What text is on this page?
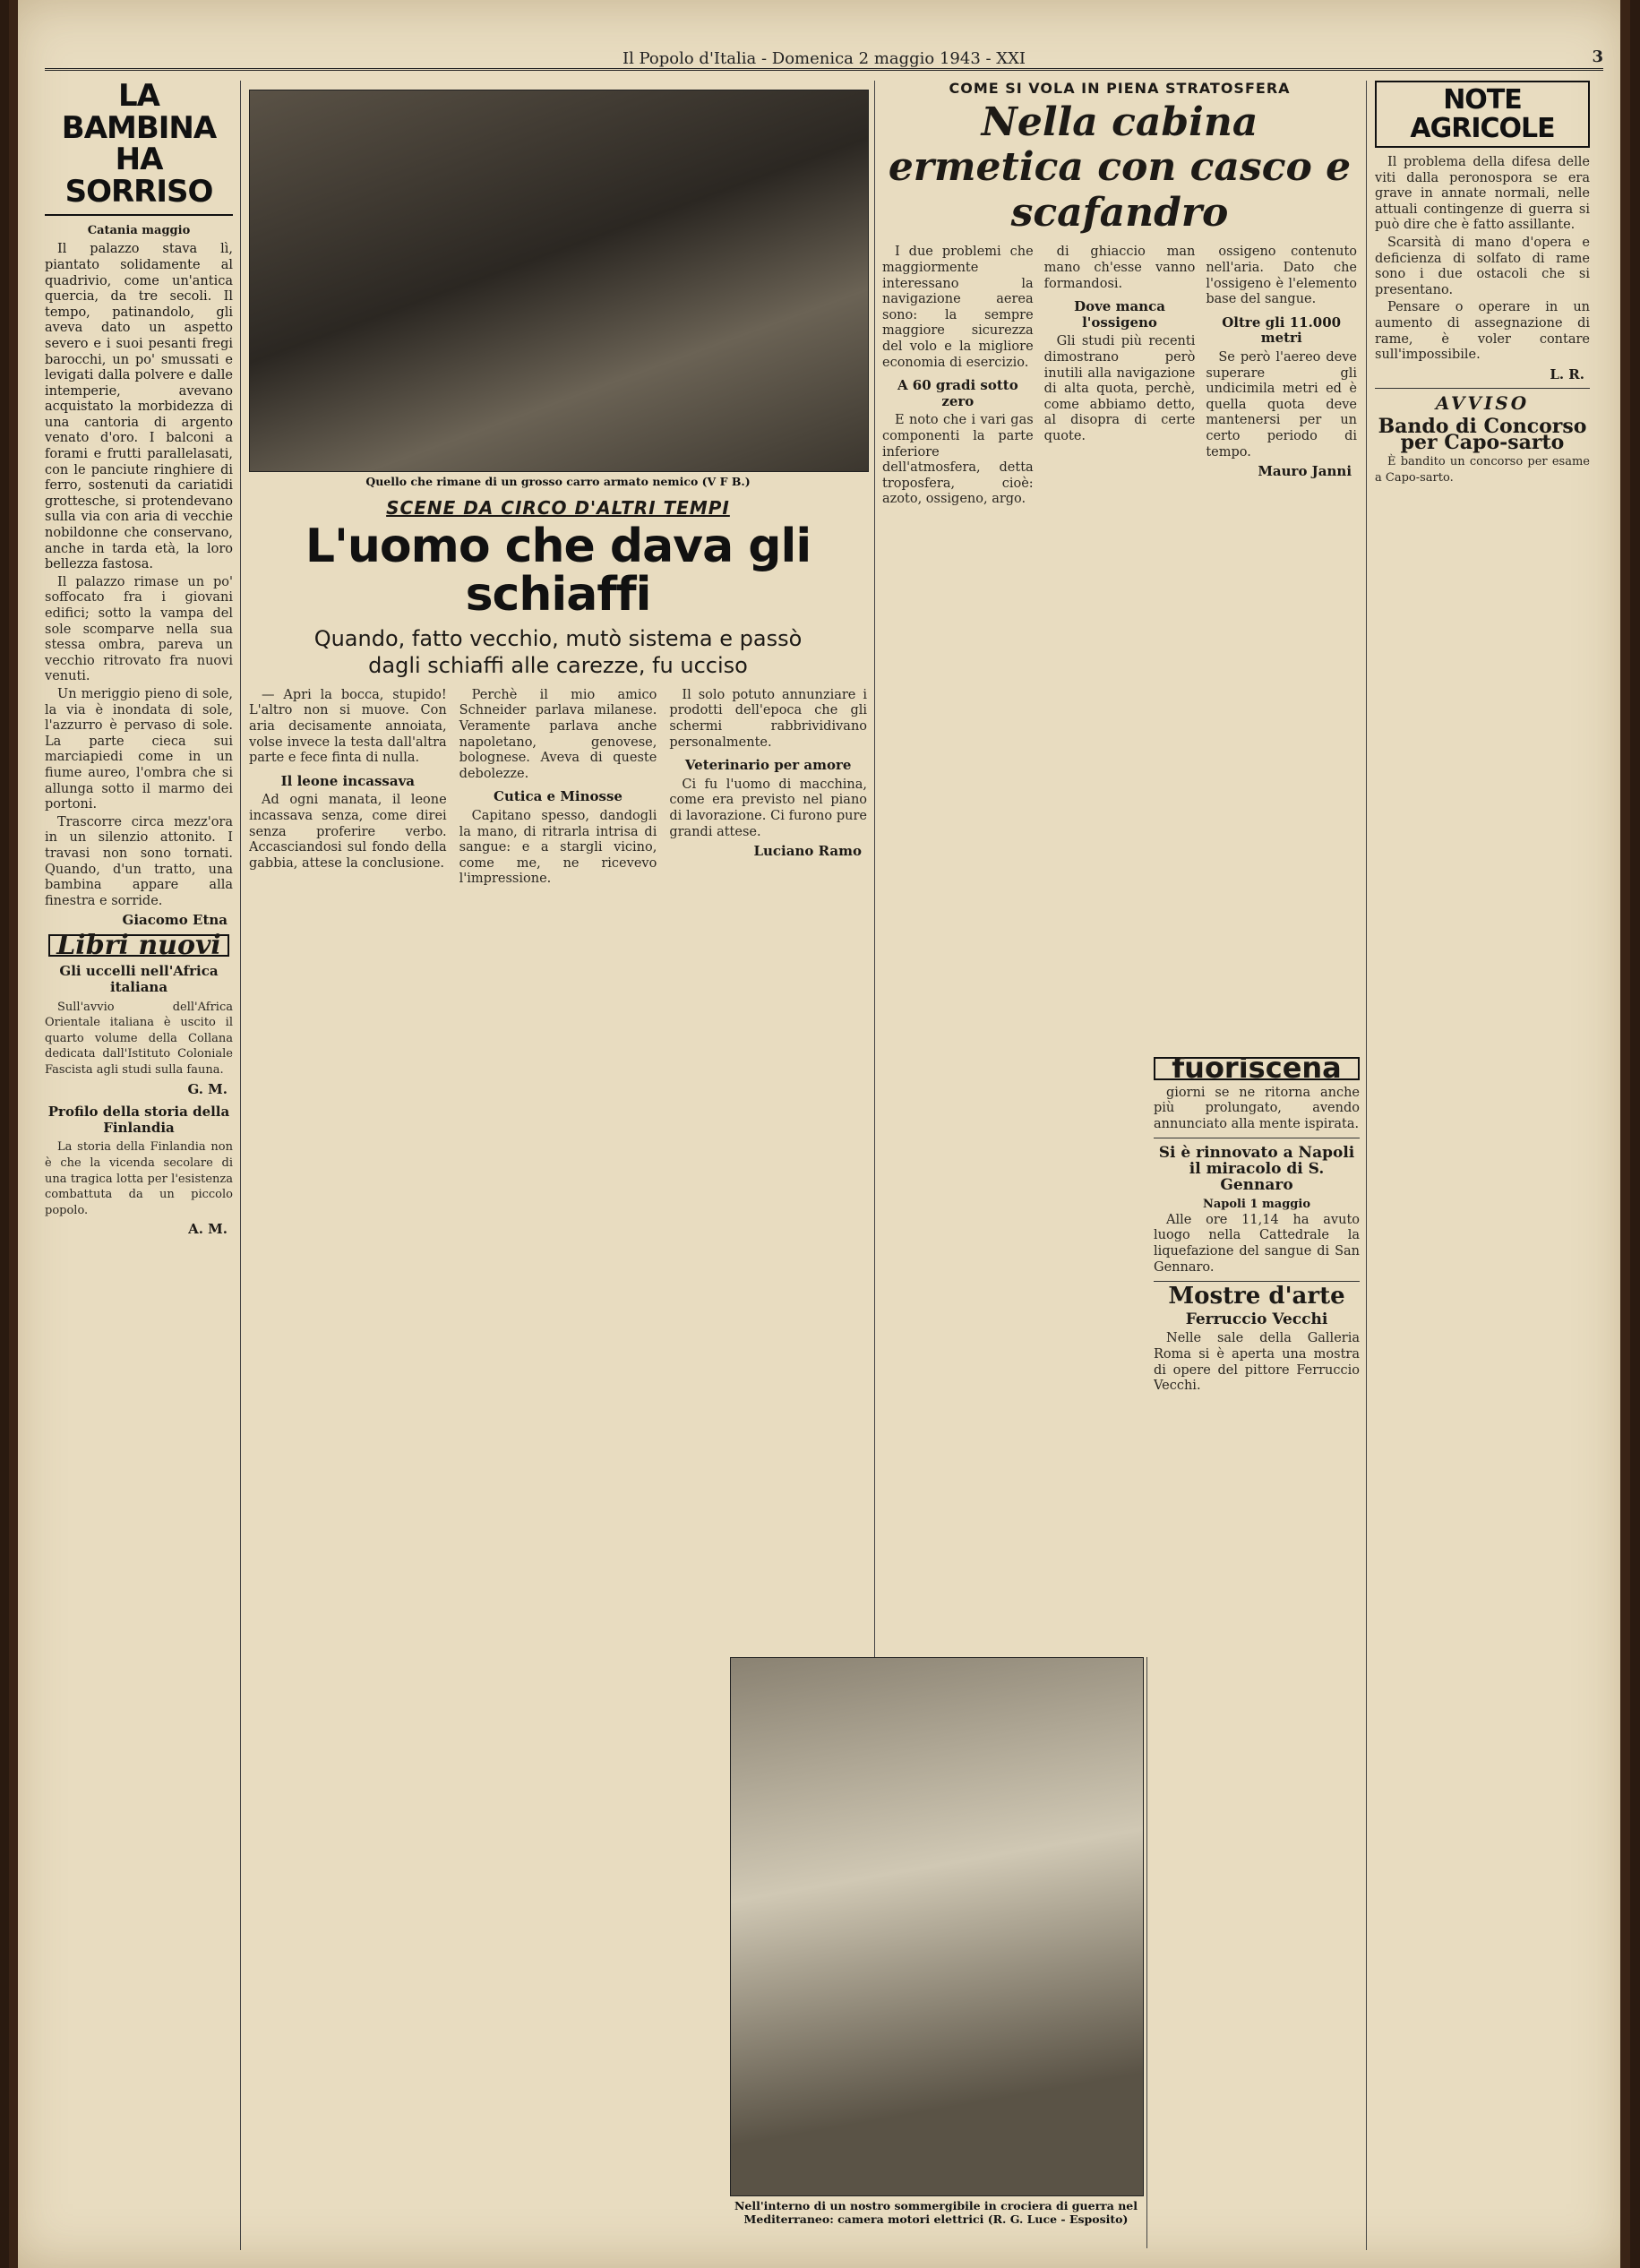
Il Popolo d'Italia - Domenica 2 maggio 1943 - XXI	3
LA BAMBINA HA SORRISO
Catania maggio

Il palazzo stava lì, piantato solidamente al quadrivio, come un'antica quercia, da tre secoli. Il tempo, patinandolo, gli aveva dato un aspetto severo e i suoi pesanti fregi barocchi, un po' smussati e levigati dalla polvere e dalle intemperie, avevano acquistato la morbidezza di una cantoria di argento venato d'oro. I balconi a forami e frutti parallelasati, con le panciute ringhiere di ferro, sostenuti da cariatidi grottesche, si protendevano sulla via con aria di vecchie nobildonne che conservano, anche in tarda età, la loro bellezza fastosa.

Il palazzo rimase un po' soffocato fra i giovani edifici; sotto la vampa del sole scomparve nella sua stessa ombra, pareva un vecchio ritrovato fra nuovi venuti.

Un meriggio pieno di sole, la via è inondata di sole, l'azzurro è pervaso di sole. La parte cieca sui marciapiedi come in un fiume aureo, l'ombra che si allunga sotto il marmo dei portoni.

Trascorre circa mezz'ora in un silenzio attonito. I travasi non sono tornati. Quando, d'un tratto, una bambina appare alla finestra e sorride.

Giacomo Etna
Libri nuovi
Gli uccelli nell'Africa italiana

Sull'avvio dell'Africa Orientale italiana è uscito il quarto volume della Collana dedicata dall'Istituto Coloniale Fascista agli studi sulla fauna.

G. M.
Profilo della storia della Finlandia

La storia della Finlandia non è che la vicenda secolare di una tragica lotta per l'esistenza combattuta da un piccolo popolo.

A. M.
Quello che rimane di un grosso carro armato nemico (V F B.)
SCENE DA CIRCO D'ALTRI TEMPI
L'uomo che dava gli schiaffi
Quando, fatto vecchio, mutò sistema e passò dagli schiaffi alle carezze, fu ucciso

— Apri la bocca, stupido! L'altro non si muove. Con aria decisamente annoiata, volse invece la testa dall'altra parte e fece finta di nulla.

Il leone incassava

Ad ogni manata, il leone incassava senza, come direi senza proferire verbo. Accasciandosi sul fondo della gabbia, attese la conclusione.

Perchè il mio amico Schneider parlava milanese. Veramente parlava anche napoletano, genovese, bolognese. Aveva di queste debolezze.

Cutica e Minosse

Capitano spesso, dandogli la mano, di ritrarla intrisa di sangue: e a stargli vicino, come me, ne ricevevo l'impressione.

Il solo potuto annunziare i prodotti dell'epoca che gli schermi rabbrividivano personalmente.

Veterinario per amore

Ci fu l'uomo di macchina, come era previsto nel piano di lavorazione. Ci furono pure grandi attese.

Luciano Ramo
Nell'interno di un nostro sommergibile in crociera di guerra nel Mediterraneo: camera motori elettrici (R. G. Luce - Esposito)
COME SI VOLA IN PIENA STRATOSFERA
Nella cabina ermetica con casco e scafandro

I due problemi che maggiormente interessano la navigazione aerea sono: la sempre maggiore sicurezza del volo e la migliore economia di esercizio.

A 60 gradi sotto zero

E noto che i vari gas componenti la parte inferiore dell'atmosfera, detta troposfera, cioè: azoto, ossigeno, argo.

di ghiaccio man mano ch'esse vanno formandosi.

Dove manca l'ossigeno

Gli studi più recenti dimostrano però inutili alla navigazione di alta quota, perchè, come abbiamo detto, al disopra di certe quote.

ossigeno contenuto nell'aria. Dato che l'ossigeno è l'elemento base del sangue.

Oltre gli 11.000 metri

Se però l'aereo deve superare gli undicimila metri ed è quella quota deve mantenersi per un certo periodo di tempo.

Mauro Janni
fuoriscena

giorni se ne ritorna anche più prolungato, avendo annunciato alla mente ispirata.

Si è rinnovato a Napoli il miracolo di S. Gennaro
Napoli 1 maggio

Alle ore 11,14 ha avuto luogo nella Cattedrale la liquefazione del sangue di San Gennaro.

Mostre d'arte
Ferruccio Vecchi

Nelle sale della Galleria Roma si è aperta una mostra di opere del pittore Ferruccio Vecchi.

NOTE AGRICOLE

Il problema della difesa delle viti dalla peronospora se era grave in annate normali, nelle attuali contingenze di guerra si può dire che è fatto assillante.

Scarsità di mano d'opera e deficienza di solfato di rame sono i due ostacoli che si presentano.

Pensare o operare in un aumento di assegnazione di rame, è voler contare sull'impossibile.

L. R.
AVVISO
Bando di Concorso per Capo-sarto

È bandito un concorso per esame a Capo-sarto.
